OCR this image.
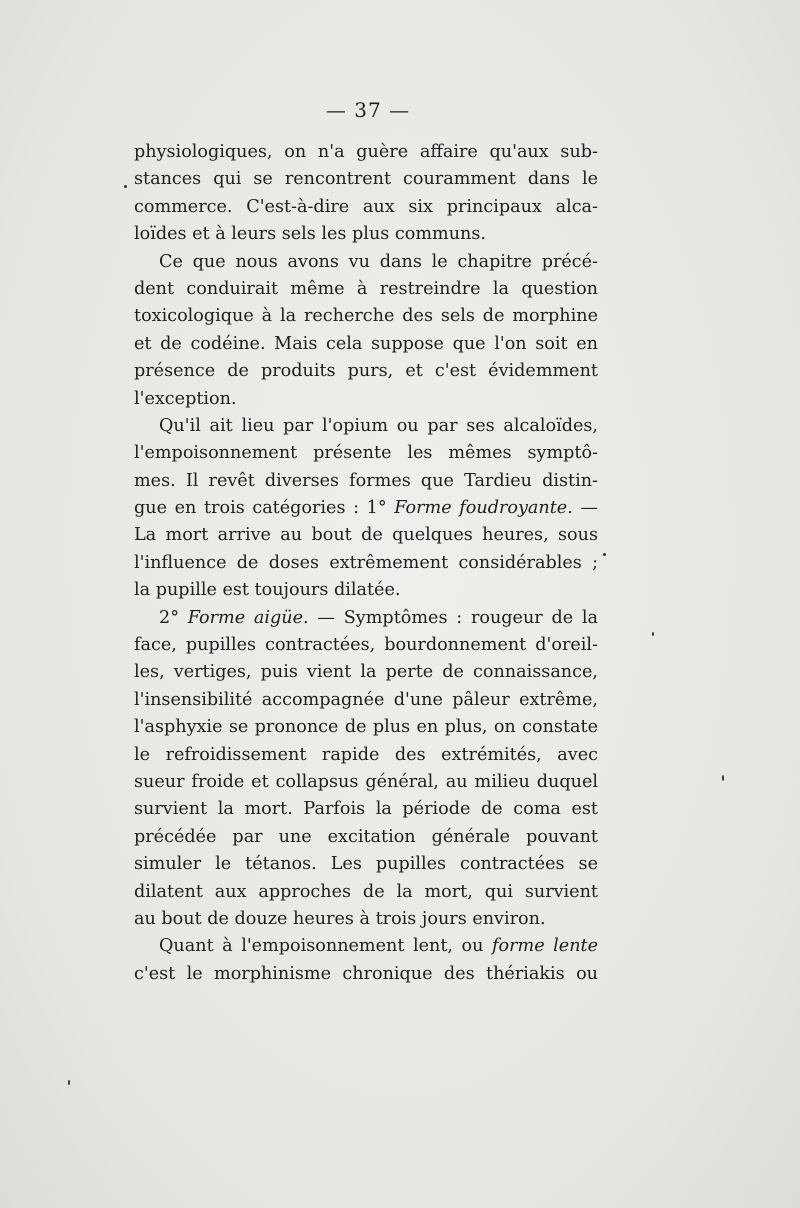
— 37 —
physiologiques, on n'a guère affaire qu'aux sub-
stances qui se rencontrent couramment dans le
commerce. C'est-à-dire aux six principaux alca-
loïdes et à leurs sels les plus communs.
Ce que nous avons vu dans le chapitre précé-
dent conduirait même à restreindre la question
toxicologique à la recherche des sels de morphine
et de codéine. Mais cela suppose que l'on soit en
présence de produits purs, et c'est évidemment
l'exception.
Qu'il ait lieu par l'opium ou par ses alcaloïdes,
l'empoisonnement présente les mêmes symptô-
mes. Il revêt diverses formes que Tardieu distin-
gue en trois catégories : 1° Forme foudroyante. —
La mort arrive au bout de quelques heures, sous
l'influence de doses extrêmement considérables ;
la pupille est toujours dilatée.
2° Forme aigüe. — Symptômes : rougeur de la
face, pupilles contractées, bourdonnement d'oreil-
les, vertiges, puis vient la perte de connaissance,
l'insensibilité accompagnée d'une pâleur extrême,
l'asphyxie se prononce de plus en plus, on constate
le refroidissement rapide des extrémités, avec
sueur froide et collapsus général, au milieu duquel
survient la mort. Parfois la période de coma est
précédée par une excitation générale pouvant
simuler le tétanos. Les pupilles contractées se
dilatent aux approches de la mort, qui survient
au bout de douze heures à trois jours environ.
Quant à l'empoisonnement lent, ou forme lente
c'est le morphinisme chronique des thériakis ou
